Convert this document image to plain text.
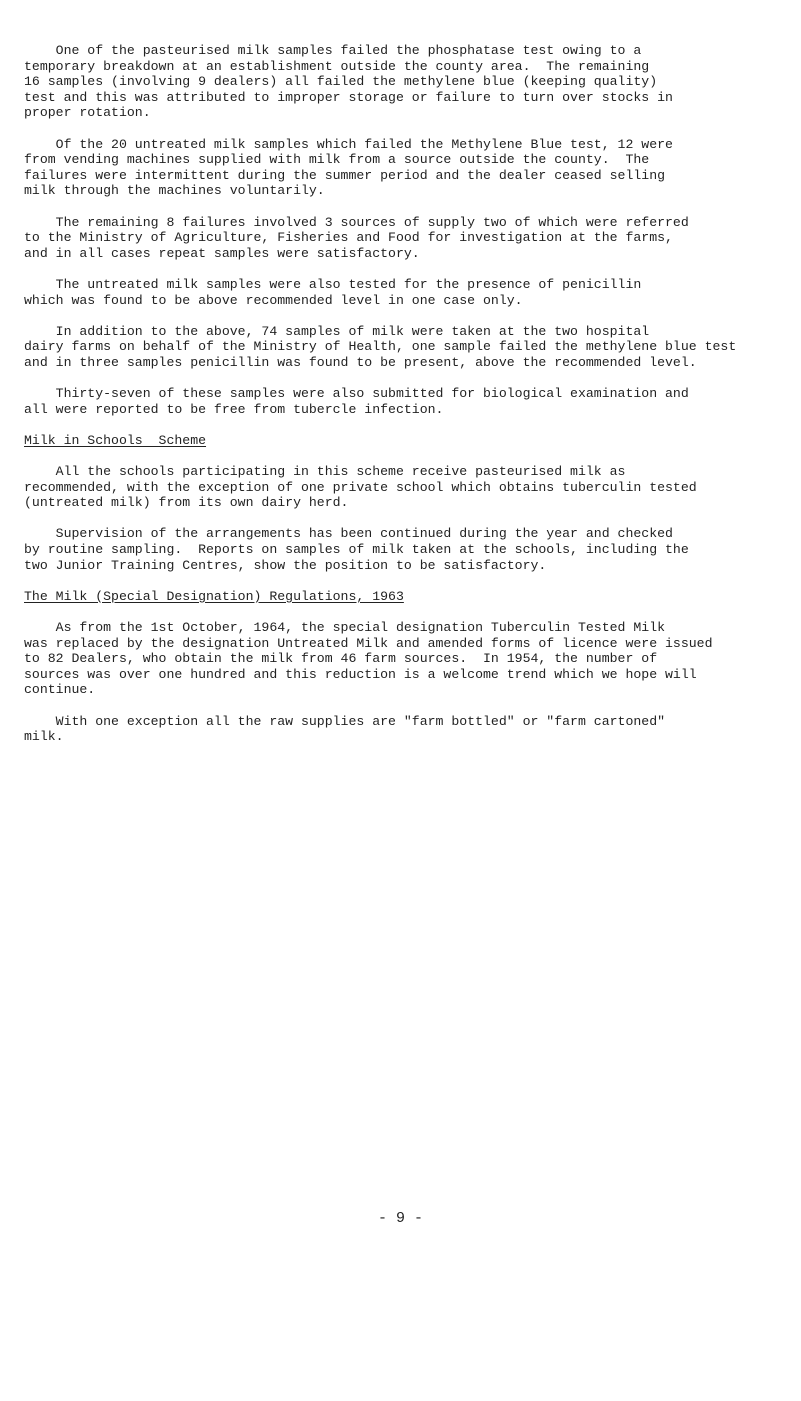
One of the pasteurised milk samples failed the phosphatase test owing to a
temporary breakdown at an establishment outside the county area.  The remaining
16 samples (involving 9 dealers) all failed the methylene blue (keeping quality)
test and this was attributed to improper storage or failure to turn over stocks in
proper rotation.

Of the 20 untreated milk samples which failed the Methylene Blue test, 12 were
from vending machines supplied with milk from a source outside the county.  The
failures were intermittent during the summer period and the dealer ceased selling
milk through the machines voluntarily.

The remaining 8 failures involved 3 sources of supply two of which were referred
to the Ministry of Agriculture, Fisheries and Food for investigation at the farms,
and in all cases repeat samples were satisfactory.

The untreated milk samples were also tested for the presence of penicillin
which was found to be above recommended level in one case only.

In addition to the above, 74 samples of milk were taken at the two hospital
dairy farms on behalf of the Ministry of Health, one sample failed the methylene blue test
and in three samples penicillin was found to be present, above the recommended level.

Thirty-seven of these samples were also submitted for biological examination and
all were reported to be free from tubercle infection.

Milk in Schools  Scheme

All the schools participating in this scheme receive pasteurised milk as
recommended, with the exception of one private school which obtains tuberculin tested
(untreated milk) from its own dairy herd.

Supervision of the arrangements has been continued during the year and checked
by routine sampling.  Reports on samples of milk taken at the schools, including the
two Junior Training Centres, show the position to be satisfactory.

The Milk (Special Designation) Regulations, 1963

As from the 1st October, 1964, the special designation Tuberculin Tested Milk
was replaced by the designation Untreated Milk and amended forms of licence were issued
to 82 Dealers, who obtain the milk from 46 farm sources.  In 1954, the number of
sources was over one hundred and this reduction is a welcome trend which we hope will
continue.

With one exception all the raw supplies are "farm bottled" or "farm cartoned"
milk.

- 9 -
